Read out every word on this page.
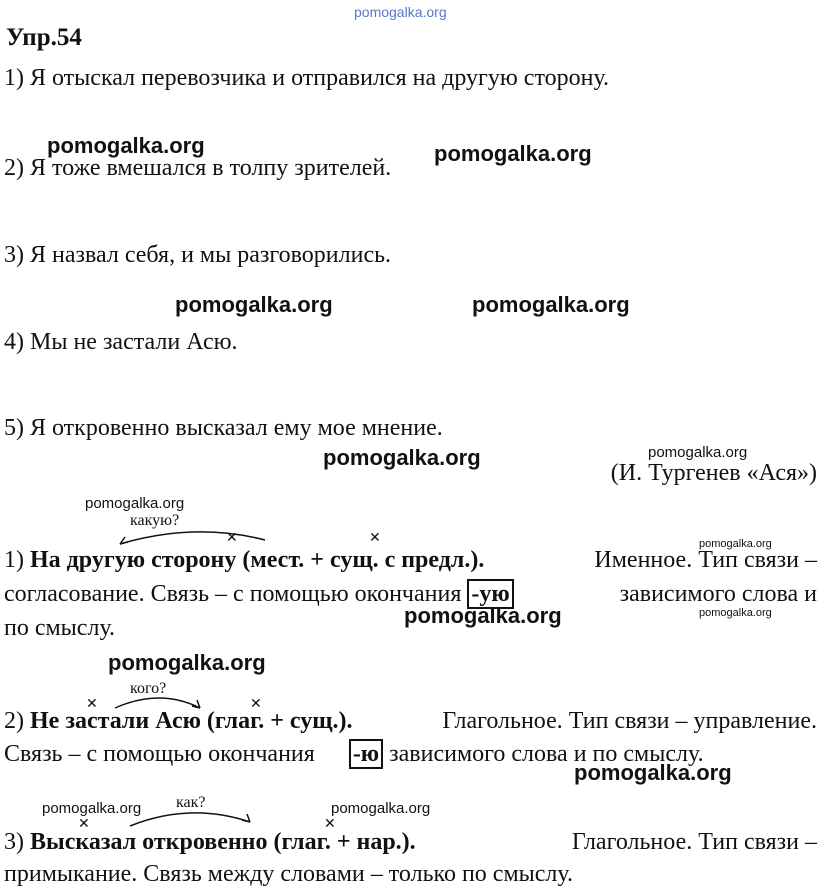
pomogalka.org
Упр.54
1) Я отыскал перевозчика и отправился на другую сторону.
2) Я тоже вмешался в толпу зрителей.
3) Я назвал себя, и мы разговорились.
4) Мы не застали Асю.
5) Я откровенно высказал ему мое мнение.
(И. Тургенев «Ася»)
pomogalka.org	pomogalka.org
pomogalka.org	pomogalka.org
pomogalka.org	pomogalka.org
pomogalka.org
pomogalka.org
pomogalka.org
pomogalka.org
pomogalka.org
pomogalka.org
pomogalka.org	pomogalka.org
какую?
✕	✕
1) На другую сторону (мест. + сущ. с предл.).	Именное. Тип связи –
согласование. Связь – с помощью окончания -ую	зависимого слова и
по смыслу.
кого?
✕	✕
2) Не застали Асю (глаг. + сущ.).	Глагольное. Тип связи – управление.
Связь – с помощью окончания -ю зависимого слова и по смыслу.
как?
✕	✕
3) Высказал откровенно (глаг. + нар.).	Глагольное. Тип связи –
примыкание. Связь между словами – только по смыслу.
